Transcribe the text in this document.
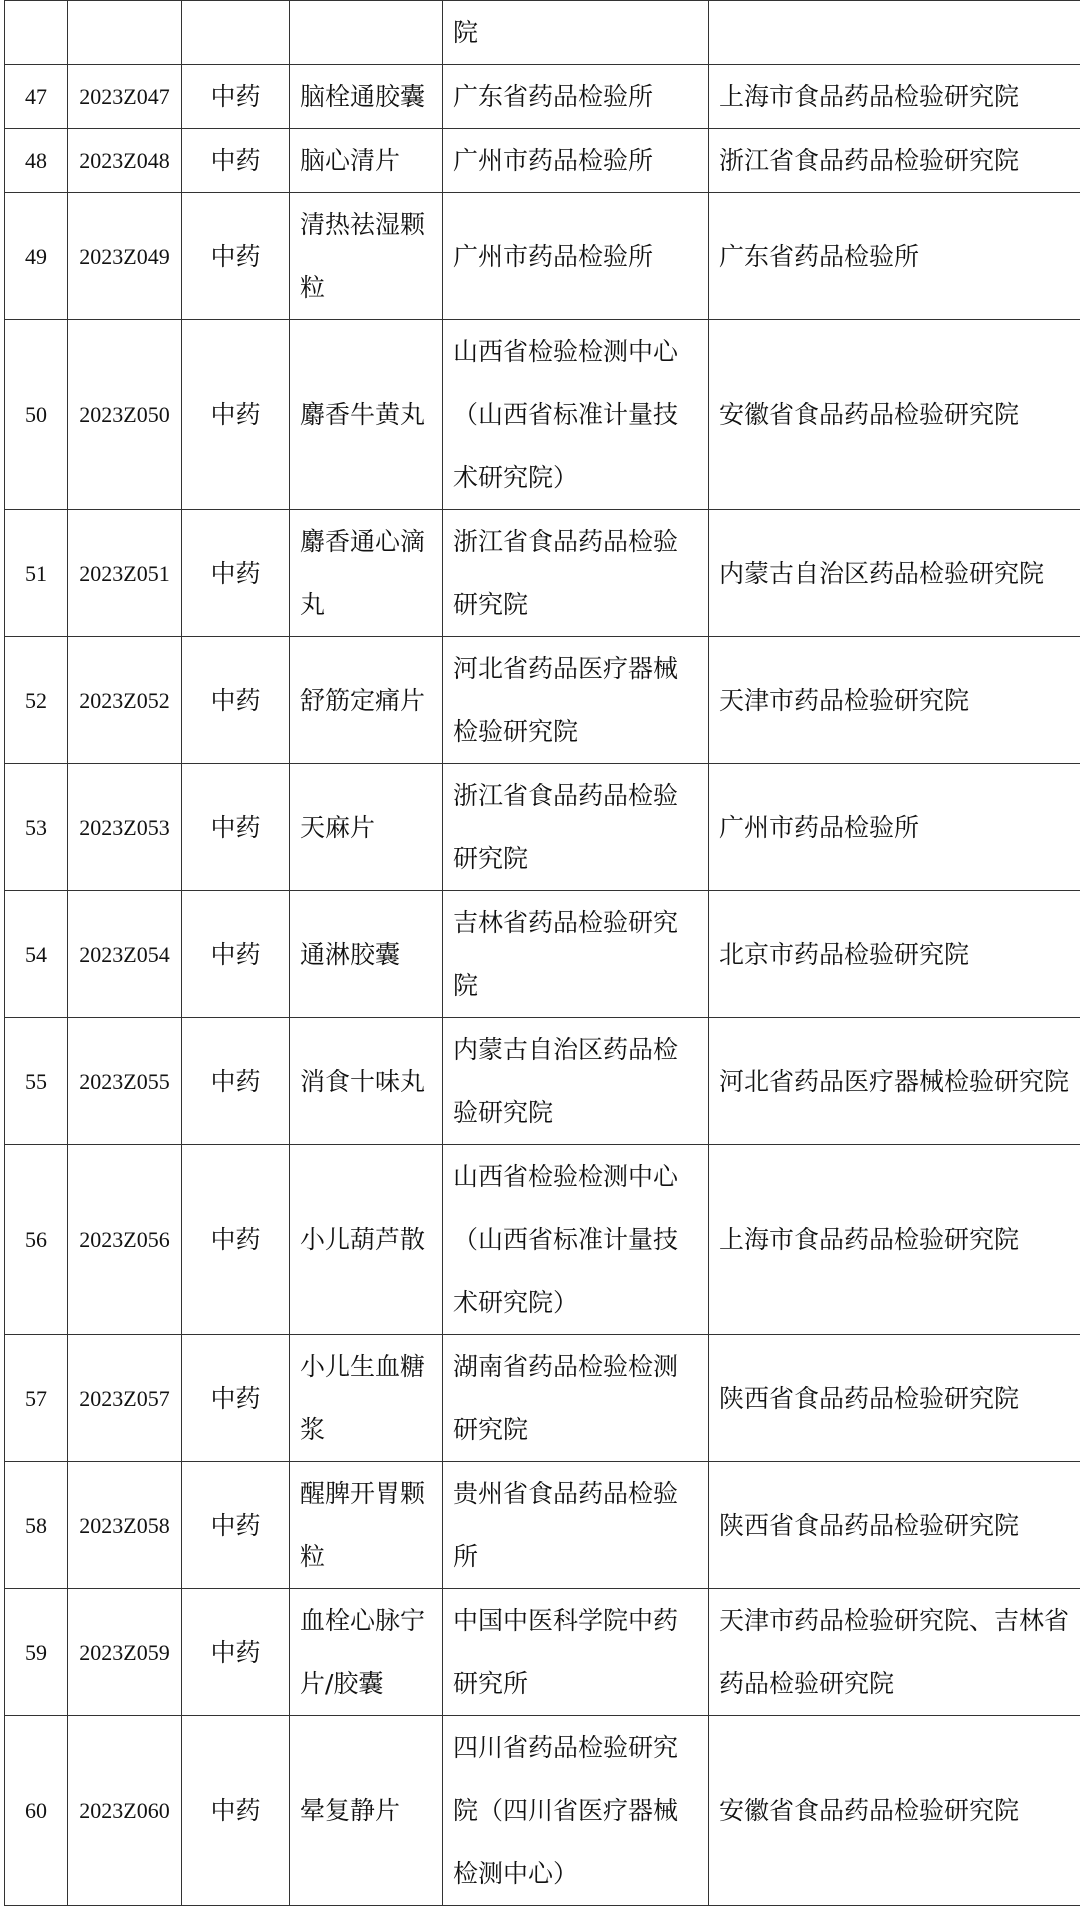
				院	
47	2023Z047	中药	脑栓通胶囊	广东省药品检验所	上海市食品药品检验研究院
48	2023Z048	中药	脑心清片	广州市药品检验所	浙江省食品药品检验研究院
49	2023Z049	中药	清热祛湿颗粒	广州市药品检验所	广东省药品检验所
50	2023Z050	中药	麝香牛黄丸	山西省检验检测中心（山西省标准计量技术研究院）	安徽省食品药品检验研究院
51	2023Z051	中药	麝香通心滴丸	浙江省食品药品检验研究院	内蒙古自治区药品检验研究院
52	2023Z052	中药	舒筋定痛片	河北省药品医疗器械检验研究院	天津市药品检验研究院
53	2023Z053	中药	天麻片	浙江省食品药品检验研究院	广州市药品检验所
54	2023Z054	中药	通淋胶囊	吉林省药品检验研究院	北京市药品检验研究院
55	2023Z055	中药	消食十味丸	内蒙古自治区药品检验研究院	河北省药品医疗器械检验研究院
56	2023Z056	中药	小儿葫芦散	山西省检验检测中心（山西省标准计量技术研究院）	上海市食品药品检验研究院
57	2023Z057	中药	小儿生血糖浆	湖南省药品检验检测研究院	陕西省食品药品检验研究院
58	2023Z058	中药	醒脾开胃颗粒	贵州省食品药品检验所	陕西省食品药品检验研究院
59	2023Z059	中药	血栓心脉宁片/胶囊	中国中医科学院中药研究所	天津市药品检验研究院、吉林省药品检验研究院
60	2023Z060	中药	晕复静片	四川省药品检验研究院（四川省医疗器械检测中心）	安徽省食品药品检验研究院
